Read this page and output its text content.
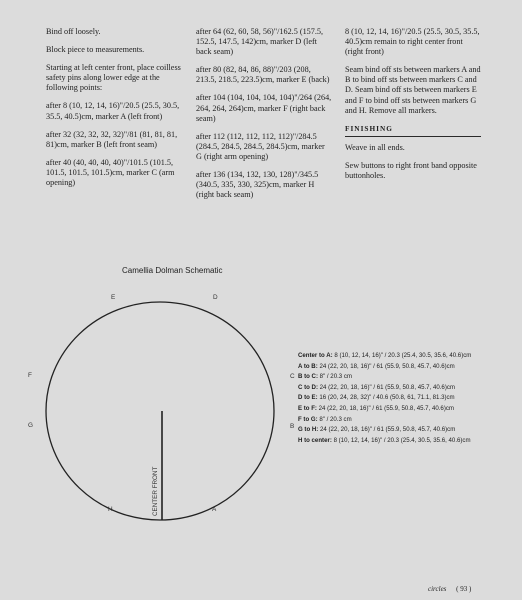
Bind off loosely.

Block piece to measurements.

Starting at left center front, place coilless safety pins along lower edge at the following points:

after 8 (10, 12, 14, 16)"/20.5 (25.5, 30.5, 35.5, 40.5)cm, marker A (left front)

after 32 (32, 32, 32, 32)"/81 (81, 81, 81, 81)cm, marker B (left front seam)

after 40 (40, 40, 40, 40)"/101.5 (101.5, 101.5, 101.5, 101.5)cm, marker C (arm opening)

after 64 (62, 60, 58, 56)"/162.5 (157.5, 152.5, 147.5, 142)cm, marker D (left back seam)

after 80 (82, 84, 86, 88)"/203 (208, 213.5, 218.5, 223.5)cm, marker E (back)

after 104 (104, 104, 104, 104)"/264 (264, 264, 264, 264)cm, marker F (right back seam)

after 112 (112, 112, 112, 112)"/284.5 (284.5, 284.5, 284.5, 284.5)cm, marker G (right arm opening)

after 136 (134, 132, 130, 128)"/345.5 (340.5, 335, 330, 325)cm, marker H (right back seam)

8 (10, 12, 14, 16)"/20.5 (25.5, 30.5, 35.5, 40.5)cm remain to right center front (right front)

Seam bind off sts between markers A and B to bind off sts between markers C and D. Seam bind off sts between markers E and F to bind off sts between markers G and H. Remove all markers.

FINISHING

Weave in all ends.

Sew buttons to right front band opposite buttonholes.

Camellia Dolman Schematic
CENTER FRONT
E	D
F	C
G	B
H	A
Center to A: 8 (10, 12, 14, 16)" / 20.3 (25.4, 30.5, 35.6, 40.6)cm
A to B: 24 (22, 20, 18, 16)" / 61 (55.9, 50.8, 45.7, 40.6)cm
B to C: 8" / 20.3 cm
C to D: 24 (22, 20, 18, 16)" / 61 (55.9, 50.8, 45.7, 40.6)cm
D to E: 16 (20, 24, 28, 32)" / 40.6 (50.8, 61, 71.1, 81.3)cm
E to F: 24 (22, 20, 18, 16)" / 61 (55.9, 50.8, 45.7, 40.6)cm
F to G: 8" / 20.3 cm
G to H: 24 (22, 20, 18, 16)" / 61 (55.9, 50.8, 45.7, 40.6)cm
H to center: 8 (10, 12, 14, 16)" / 20.3 (25.4, 30.5, 35.6, 40.6)cm
circles ( 93 )
